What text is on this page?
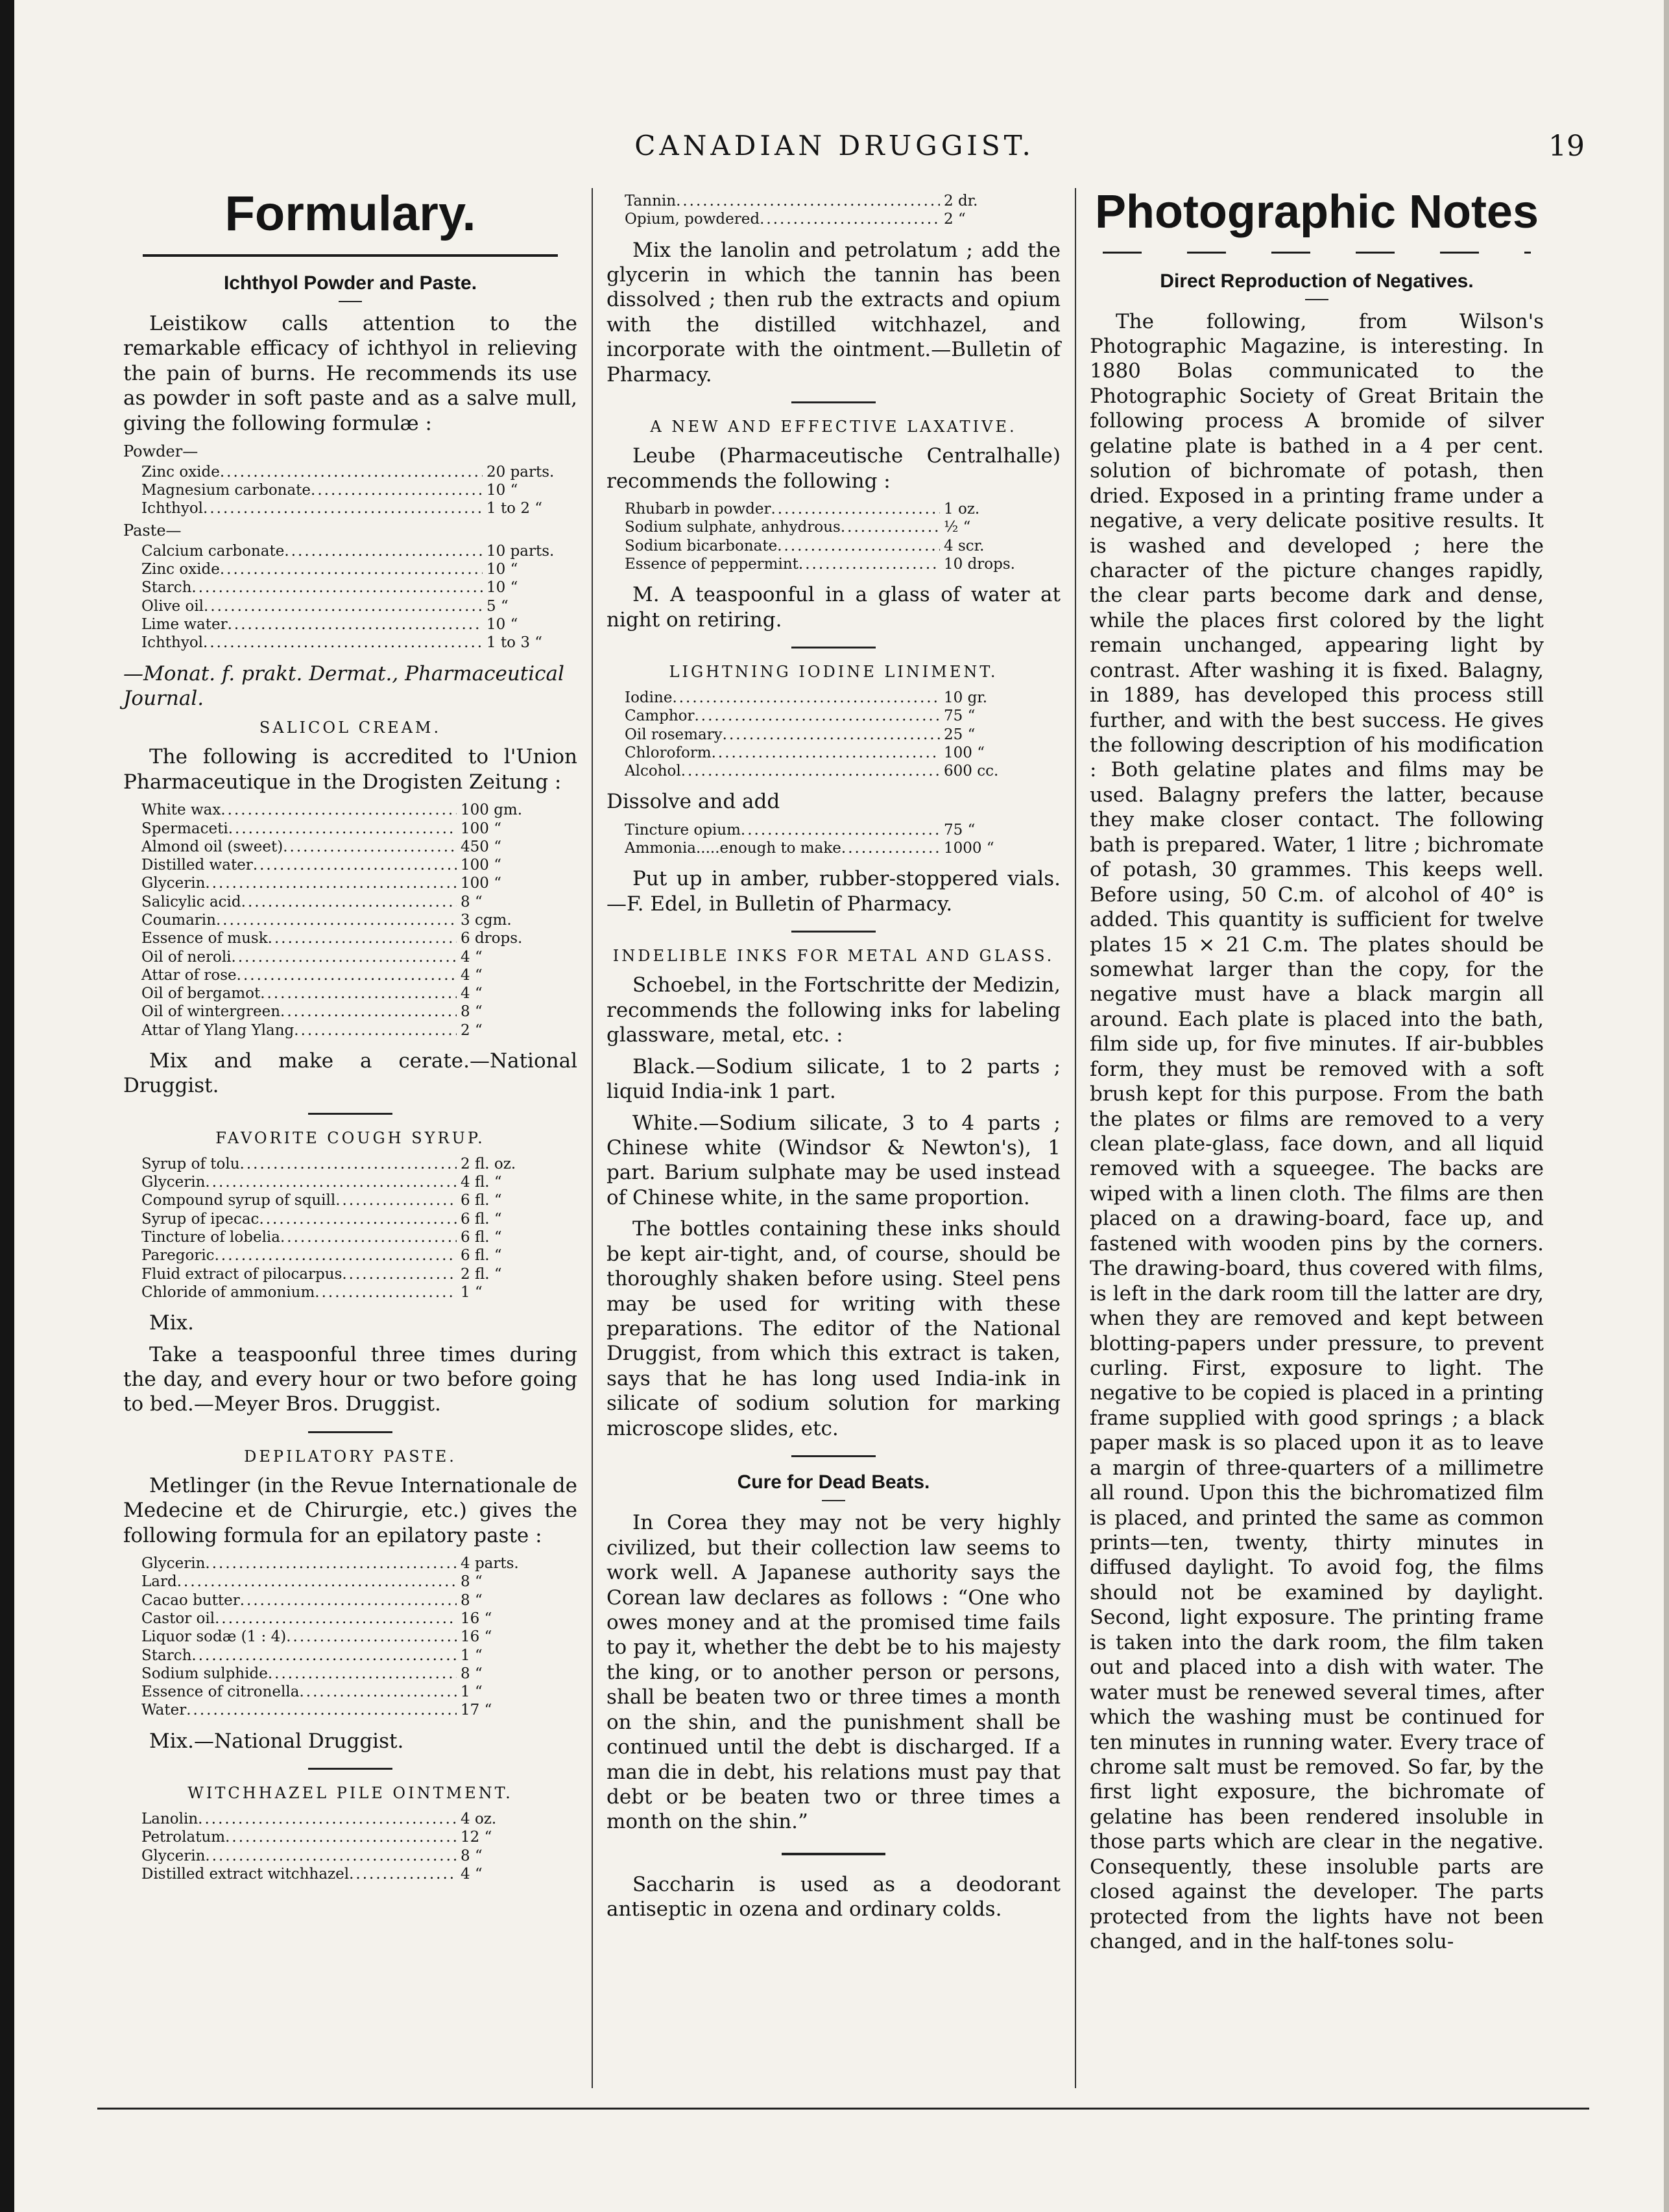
CANADIAN DRUGGIST.	19
Formulary.
Ichthyol Powder and Paste.

Leistikow calls attention to the remarkable efficacy of ichthyol in relieving the pain of burns. He recommends its use as powder in soft paste and as a salve mull, giving the following formulæ :

Powder—
Zinc oxide .....	20 parts.
Magnesium carbonate .....	10 “
Ichthyol .....	1 to 2 “
Paste—
Calcium carbonate .....	10 parts.
Zinc oxide .....	10 “
Starch .....	10 “
Olive oil .....	5 “
Lime water .....	10 “
Ichthyol .....	1 to 3 “
—Monat. f. prakt. Dermat., Pharmaceutical Journal.
SALICOL CREAM.

The following is accredited to l'Union Pharmaceutique in the Drogisten Zeitung :

White wax .....	100 gm.
Spermaceti .....	100 “
Almond oil (sweet) .....	450 “
Distilled water .....	100 “
Glycerin .....	100 “
Salicylic acid .....	8 “
Coumarin .....	3 cgm.
Essence of musk .....	6 drops.
Oil of neroli .....	4 “
Attar of rose .....	4 “
Oil of bergamot .....	4 “
Oil of wintergreen .....	8 “
Attar of Ylang Ylang .....	2 “

Mix and make a cerate.—National Druggist.

FAVORITE COUGH SYRUP.
Syrup of tolu .....	2 fl. oz.
Glycerin .....	4 fl. “
Compound syrup of squill .....	6 fl. “
Syrup of ipecac .....	6 fl. “
Tincture of lobelia .....	6 fl. “
Paregoric .....	6 fl. “
Fluid extract of pilocarpus .....	2 fl. “
Chloride of ammonium .....	1 “

Mix.

Take a teaspoonful three times during the day, and every hour or two before going to bed.—Meyer Bros. Druggist.

DEPILATORY PASTE.

Metlinger (in the Revue Internationale de Medecine et de Chirurgie, etc.) gives the following formula for an epilatory paste :

Glycerin .....	4 parts.
Lard .....	8 “
Cacao butter .....	8 “
Castor oil .....	16 “
Liquor sodæ (1 : 4) .....	16 “
Starch .....	1 “
Sodium sulphide .....	8 “
Essence of citronella .....	1 “
Water .....	17 “

Mix.—National Druggist.

WITCHHAZEL PILE OINTMENT.
Lanolin .....	4 oz.
Petrolatum .....	12 “
Glycerin .....	8 “
Distilled extract witchhazel .....	4 “
Tannin .....	2 dr.
Opium, powdered .....	2 “

Mix the lanolin and petrolatum ; add the glycerin in which the tannin has been dissolved ; then rub the extracts and opium with the distilled witchhazel, and incorporate with the ointment.—Bulletin of Pharmacy.

A NEW AND EFFECTIVE LAXATIVE.

Leube (Pharmaceutische Centralhalle) recommends the following :

Rhubarb in powder .....	1 oz.
Sodium sulphate, anhydrous .....	½ “
Sodium bicarbonate .....	4 scr.
Essence of peppermint .....	10 drops.

M. A teaspoonful in a glass of water at night on retiring.

LIGHTNING IODINE LINIMENT.
Iodine .....	10 gr.
Camphor .....	75 “
Oil rosemary .....	25 “
Chloroform .....	100 “
Alcohol .....	600 cc.

Dissolve and add

Tincture opium .....	75 “
Ammonia.....enough to make .....	1000 “

Put up in amber, rubber-stoppered vials.—F. Edel, in Bulletin of Pharmacy.

INDELIBLE INKS FOR METAL AND GLASS.

Schoebel, in the Fortschritte der Medizin, recommends the following inks for labeling glassware, metal, etc. :

Black.—Sodium silicate, 1 to 2 parts ; liquid India-ink 1 part.

White.—Sodium silicate, 3 to 4 parts ; Chinese white (Windsor & Newton's), 1 part. Barium sulphate may be used instead of Chinese white, in the same proportion.

The bottles containing these inks should be kept air-tight, and, of course, should be thoroughly shaken before using. Steel pens may be used for writing with these preparations. The editor of the National Druggist, from which this extract is taken, says that he has long used India-ink in silicate of sodium solution for marking microscope slides, etc.

Cure for Dead Beats.

In Corea they may not be very highly civilized, but their collection law seems to work well. A Japanese authority says the Corean law declares as follows : “One who owes money and at the promised time fails to pay it, whether the debt be to his majesty the king, or to another person or persons, shall be beaten two or three times a month on the shin, and the punishment shall be continued until the debt is discharged. If a man die in debt, his relations must pay that debt or be beaten two or three times a month on the shin.”

Saccharin is used as a deodorant antiseptic in ozena and ordinary colds.

Photographic Notes
Direct Reproduction of Negatives.

The following, from Wilson's Photographic Magazine, is interesting. In 1880 Bolas communicated to the Photographic Society of Great Britain the following process A bromide of silver gelatine plate is bathed in a 4 per cent. solution of bichromate of potash, then dried. Exposed in a printing frame under a negative, a very delicate positive results. It is washed and developed ; here the character of the picture changes rapidly, the clear parts become dark and dense, while the places first colored by the light remain unchanged, appearing light by contrast. After washing it is fixed. Balagny, in 1889, has developed this process still further, and with the best success. He gives the following description of his modification : Both gelatine plates and films may be used. Balagny prefers the latter, because they make closer contact. The following bath is prepared. Water, 1 litre ; bichromate of potash, 30 grammes. This keeps well. Before using, 50 C.m. of alcohol of 40° is added. This quantity is sufficient for twelve plates 15 × 21 C.m. The plates should be somewhat larger than the copy, for the negative must have a black margin all around. Each plate is placed into the bath, film side up, for five minutes. If air-bubbles form, they must be removed with a soft brush kept for this purpose. From the bath the plates or films are removed to a very clean plate-glass, face down, and all liquid removed with a squeegee. The backs are wiped with a linen cloth. The films are then placed on a drawing-board, face up, and fastened with wooden pins by the corners. The drawing-board, thus covered with films, is left in the dark room till the latter are dry, when they are removed and kept between blotting-papers under pressure, to prevent curling. First, exposure to light. The negative to be copied is placed in a printing frame supplied with good springs ; a black paper mask is so placed upon it as to leave a margin of three-quarters of a millimetre all round. Upon this the bichromatized film is placed, and printed the same as common prints—ten, twenty, thirty minutes in diffused daylight. To avoid fog, the films should not be examined by daylight. Second, light exposure. The printing frame is taken into the dark room, the film taken out and placed into a dish with water. The water must be renewed several times, after which the washing must be continued for ten minutes in running water. Every trace of chrome salt must be removed. So far, by the first light exposure, the bichromate of gelatine has been rendered insoluble in those parts which are clear in the negative. Consequently, these insoluble parts are closed against the developer. The parts protected from the lights have not been changed, and in the half-tones solu-
